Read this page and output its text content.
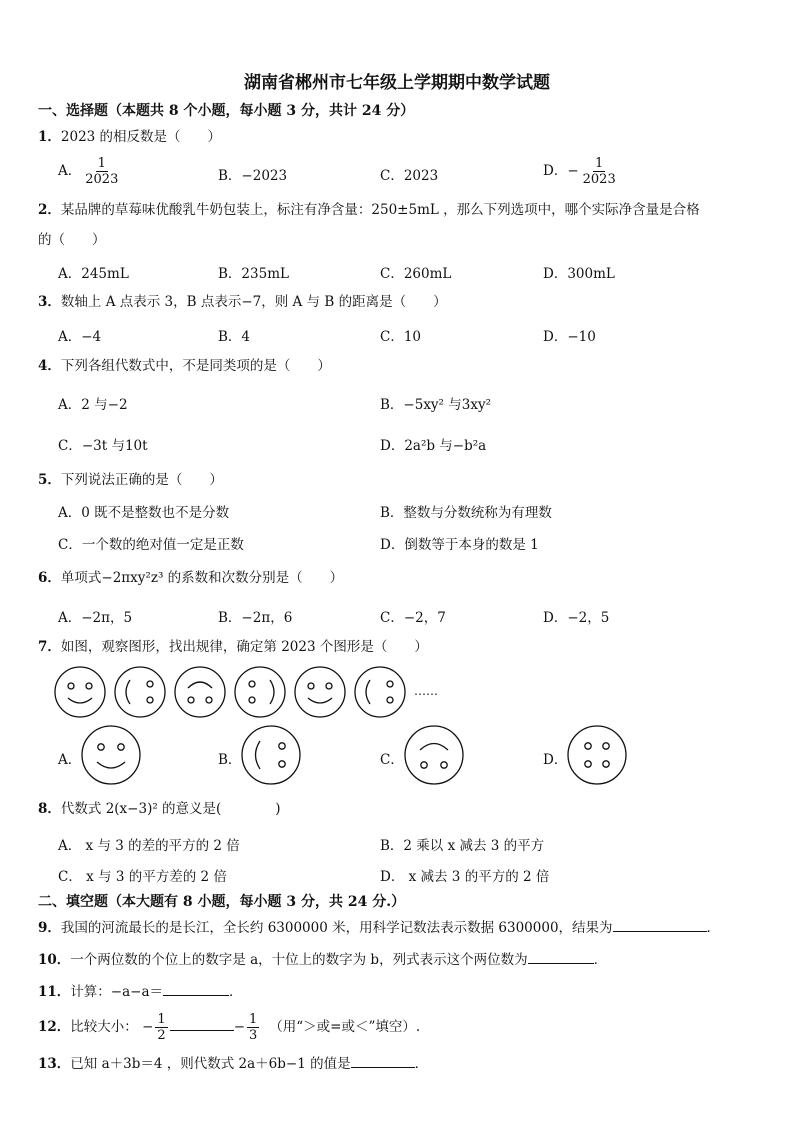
湖南省郴州市七年级上学期期中数学试题
一、选择题（本题共 8 个小题，每小题 3 分，共计 24 分）
1．2023 的相反数是（　　）
A． $\frac{1}{2023}$	B．−2023	C．2023	D．− $\frac{1}{2023}$
2．某品牌的草莓味优酸乳牛奶包装上，标注有净含量：250±5mL ，那么下列选项中，哪个实际净含量是合格
的（　　）
A．245mL	B．235mL	C．260mL	D．300mL
3．数轴上 A 点表示 3，B 点表示−7，则 A 与 B 的距离是（　　）
A．−4	B．4	C．10	D．−10
4．下列各组代数式中，不是同类项的是（　　）
A．2 与−2	B．−5xy² 与3xy²
C．−3t 与10t	D．2a²b 与−b²a
5．下列说法正确的是（　　）
A．0 既不是整数也不是分数	B．整数与分数统称为有理数
C．一个数的绝对值一定是正数	D．倒数等于本身的数是 1
6．单项式−2πxy²z³ 的系数和次数分别是（　　）
A．−2π，5	B．−2π，6	C．−2，7	D．−2，5
7．如图，观察图形，找出规律，确定第 2023 个图形是（　　）
……
A．	B．	C．	D．
8．代数式 2(x−3)² 的意义是(　　　　)
A． x 与 3 的差的平方的 2 倍	B．2 乘以 x 减去 3 的平方
C． x 与 3 的平方差的 2 倍	D． x 减去 3 的平方的 2 倍
二、填空题（本大题有 8 小题，每小题 3 分，共 24 分.）
9．我国的河流最长的是长江，全长约 6300000 米，用科学记数法表示数据 6300000，结果为	．
10．一个两位数的个位上的数字是 a，十位上的数字为 b，列式表示这个两位数为	．
11．计算：−a−a＝	．
12．比较大小： − $\frac{1}{2}$	− $\frac{1}{3}$ （用“＞或=或＜”填空）.
13．已知 a＋3b＝4 ，则代数式 2a＋6b−1 的值是	．
